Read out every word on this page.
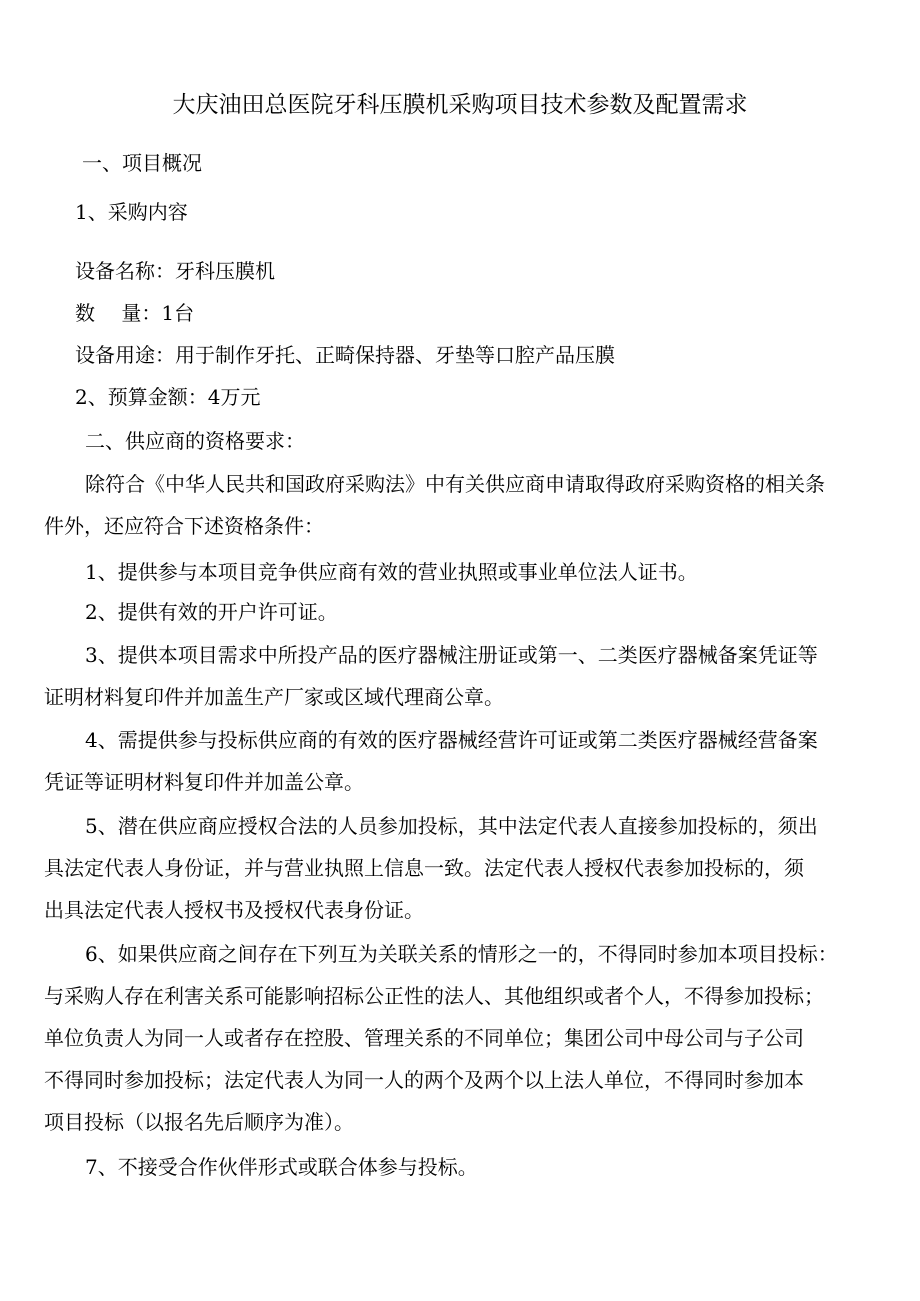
大庆油田总医院牙科压膜机采购项目技术参数及配置需求
一、项目概况
1、采购内容
设备名称：牙科压膜机
数　 量：1台
设备用途：用于制作牙托、正畸保持器、牙垫等口腔产品压膜
2、预算金额：4万元
二、供应商的资格要求：
除符合《中华人民共和国政府采购法》中有关供应商申请取得政府采购资格的相关条
件外，还应符合下述资格条件：
1、提供参与本项目竞争供应商有效的营业执照或事业单位法人证书。
2、提供有效的开户许可证。
3、提供本项目需求中所投产品的医疗器械注册证或第一、二类医疗器械备案凭证等
证明材料复印件并加盖生产厂家或区域代理商公章。
4、需提供参与投标供应商的有效的医疗器械经营许可证或第二类医疗器械经营备案
凭证等证明材料复印件并加盖公章。
5、潜在供应商应授权合法的人员参加投标，其中法定代表人直接参加投标的，须出
具法定代表人身份证，并与营业执照上信息一致。法定代表人授权代表参加投标的，须
出具法定代表人授权书及授权代表身份证。
6、如果供应商之间存在下列互为关联关系的情形之一的，不得同时参加本项目投标：
与采购人存在利害关系可能影响招标公正性的法人、其他组织或者个人，不得参加投标；
单位负责人为同一人或者存在控股、管理关系的不同单位；集团公司中母公司与子公司
不得同时参加投标；法定代表人为同一人的两个及两个以上法人单位，不得同时参加本
项目投标（以报名先后顺序为准）。
7、不接受合作伙伴形式或联合体参与投标。
